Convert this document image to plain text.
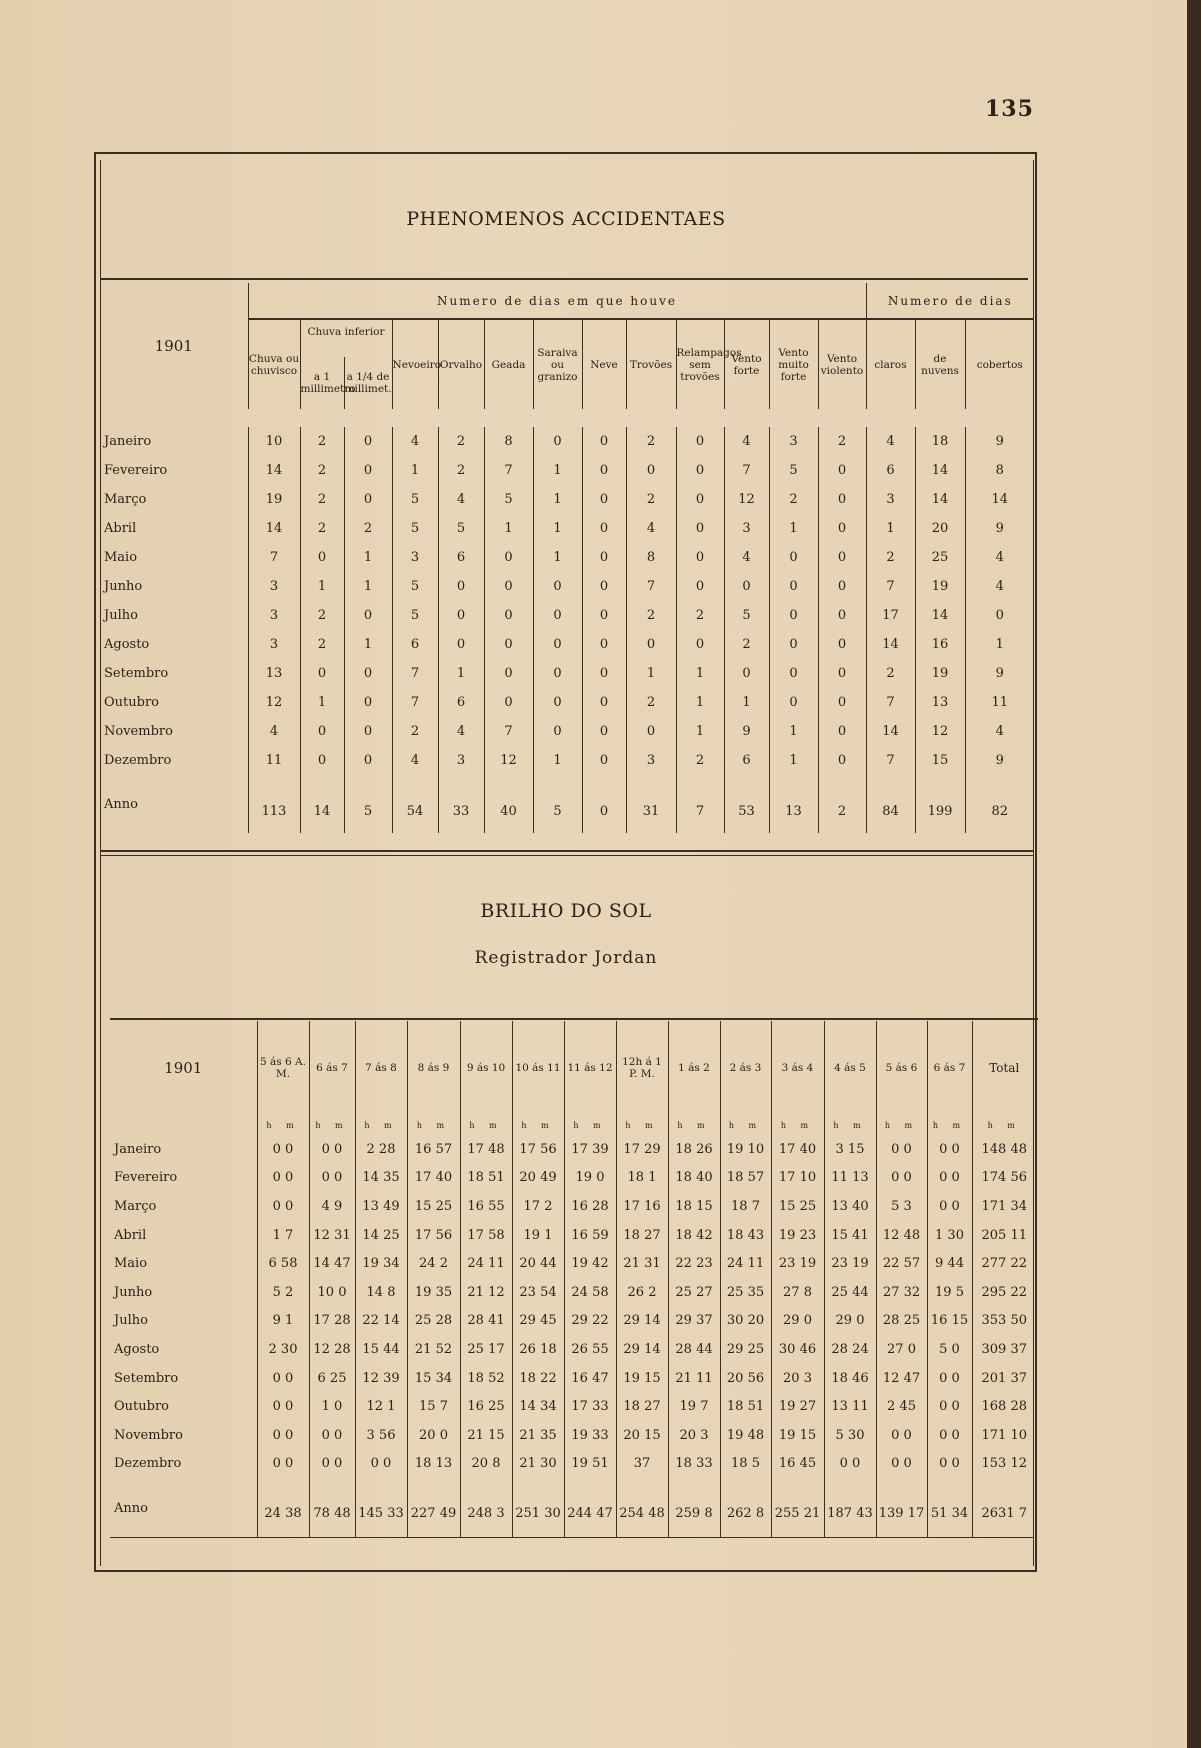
135
PHENOMENOS ACCIDENTAES
1901	Numero de dias em que houve													Numero de dias		
	Chuva ou chuvisco	Chuva inferior		Nevoeiro	Orvalho	Geada	Saraiva ou granizo	Neve	Trovões	Relampagos sem trovões	Vento forte	Vento muito forte	Vento violento	claros	de nuvens	cobertos
		a 1 millimetro	a 1/4 de millimet.													

Janeiro	10	2	0	4	2	8	0	0	2	0	4	3	2	4	18	9
Fevereiro	14	2	0	1	2	7	1	0	0	0	7	5	0	6	14	8
Março	19	2	0	5	4	5	1	0	2	0	12	2	0	3	14	14
Abril	14	2	2	5	5	1	1	0	4	0	3	1	0	1	20	9
Maio	7	0	1	3	6	0	1	0	8	0	4	0	0	2	25	4
Junho	3	1	1	5	0	0	0	0	7	0	0	0	0	7	19	4
Julho	3	2	0	5	0	0	0	0	2	2	5	0	0	17	14	0
Agosto	3	2	1	6	0	0	0	0	0	0	2	0	0	14	16	1
Setembro	13	0	0	7	1	0	0	0	1	1	0	0	0	2	19	9
Outubro	12	1	0	7	6	0	0	0	2	1	1	0	0	7	13	11
Novembro	4	0	0	2	4	7	0	0	0	1	9	1	0	14	12	4
Dezembro	11	0	0	4	3	12	1	0	3	2	6	1	0	7	15	9
Anno	113	14	5	54	33	40	5	0	31	7	53	13	2	84	199	82
BRILHO DO SOL
Registrador Jordan
1901	5 ás 6 A. M.	6 ás 7	7 ás 8	8 ás 9	9 ás 10	10 ás 11	11 ás 12	12h á 1 P. M.	1 ás 2	2 ás 3	3 ás 4	4 ás 5	5 ás 6	6 ás 7	Total
	h m	h m	h m	h m	h m	h m	h m	h m	h m	h m	h m	h m	h m	h m	h m
Janeiro	0 0	0 0	2 28	16 57	17 48	17 56	17 39	17 29	18 26	19 10	17 40	3 15	0 0	0 0	148 48
Fevereiro	0 0	0 0	14 35	17 40	18 51	20 49	19 0	18 1	18 40	18 57	17 10	11 13	0 0	0 0	174 56
Março	0 0	4 9	13 49	15 25	16 55	17 2	16 28	17 16	18 15	18 7	15 25	13 40	5 3	0 0	171 34
Abril	1 7	12 31	14 25	17 56	17 58	19 1	16 59	18 27	18 42	18 43	19 23	15 41	12 48	1 30	205 11
Maio	6 58	14 47	19 34	24 2	24 11	20 44	19 42	21 31	22 23	24 11	23 19	23 19	22 57	9 44	277 22
Junho	5 2	10 0	14 8	19 35	21 12	23 54	24 58	26 2	25 27	25 35	27 8	25 44	27 32	19 5	295 22
Julho	9 1	17 28	22 14	25 28	28 41	29 45	29 22	29 14	29 37	30 20	29 0	29 0	28 25	16 15	353 50
Agosto	2 30	12 28	15 44	21 52	25 17	26 18	26 55	29 14	28 44	29 25	30 46	28 24	27 0	5 0	309 37
Setembro	0 0	6 25	12 39	15 34	18 52	18 22	16 47	19 15	21 11	20 56	20 3	18 46	12 47	0 0	201 37
Outubro	0 0	1 0	12 1	15 7	16 25	14 34	17 33	18 27	19 7	18 51	19 27	13 11	2 45	0 0	168 28
Novembro	0 0	0 0	3 56	20 0	21 15	21 35	19 33	20 15	20 3	19 48	19 15	5 30	0 0	0 0	171 10
Dezembro	0 0	0 0	0 0	18 13	20 8	21 30	19 51	37	18 33	18 5	16 45	0 0	0 0	0 0	153 12
Anno	24 38	78 48	145 33	227 49	248 3	251 30	244 47	254 48	259 8	262 8	255 21	187 43	139 17	51 34	2631 7
